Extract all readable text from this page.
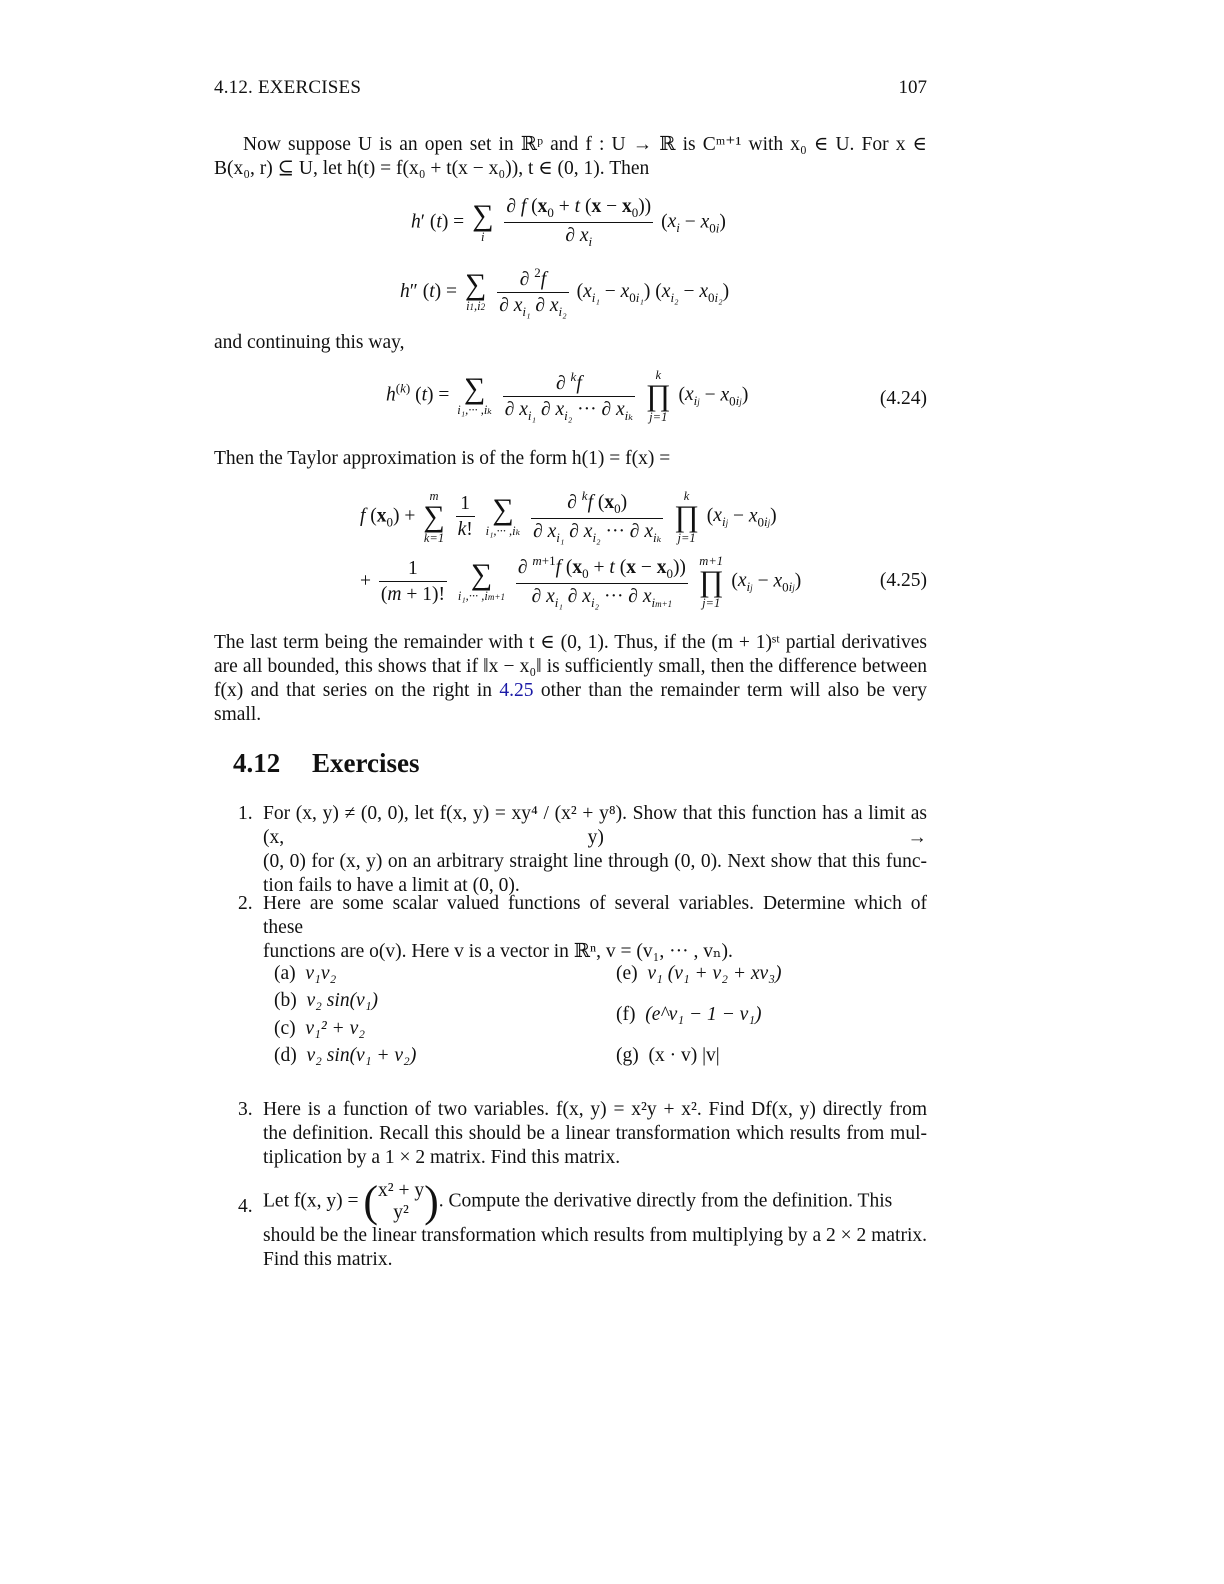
4.12. EXERCISES	107
Now suppose U is an open set in ℝᵖ and f : U → ℝ is Cᵐ⁺¹ with x₀ ∈ U. For x ∈
B(x₀, r) ⊆ U, let h(t) = f(x₀ + t(x − x₀)), t ∈ (0, 1). Then
h′ (t) = ∑
i
	$\frac{\partial f (x_0 + t (x - x_0))}{\partial x_i} (x_i - x_{0i})$
h″ (t) = ∑
i1,i2
$\frac{\partial ^2f}{\partial x_{i_1} \partial x_{i_2}} (x_{i_1} - x_{0i_1}) (x_{i_2} - x_{0i_2})$
and continuing this way,
$h^{(k)}$ (t) = ∑
i₁,··· ,iₖ
$\frac{\partial ^kf}{\partial x_{i_1} \partial x_{i_2} \cdot\cdot\cdot \partial x_{i_k}}$
	k
∏
j=1
$(x_{ij} - x_{0ij})$	(4.24)
Then the Taylor approximation is of the form h(1) = f(x) =
f $(x_0)$ +
m
∑
k=1
$\frac{1}{k!}$
∑
i₁,··· ,iₖ
$\frac{\partial ^kf (x_0)}{\partial x_{i_1} \partial x_{i_2} \cdot\cdot\cdot \partial x_{i_k}}$
	k
∏
j=1
$(x_{ij} - x_{0ij})$
+ $\frac{1}{(m + 1)!}$
∑
i₁,··· ,im+1
$\frac{\partial ^{m+1}f (x_0 + t (x - x_0))}{\partial x_{i_1} \partial x_{i_2} \cdot\cdot\cdot \partial x_{im+1}}$
m+1
∏
j=1
$(x_{ij} - x_{0ij})$	(4.25)
The last term being the remainder with t ∈ (0, 1). Thus, if the (m + 1)ˢᵗ partial derivatives
are all bounded, this shows that if ‖x − x₀‖ is sufficiently small, then the difference between
f(x) and that series on the right in 4.25 other than the remainder term will also be very
small.
4.12 Exercises
1. For (x, y) ≠ (0, 0), let f(x, y) = xy⁴ / (x² + y⁸). Show that this function has a limit as (x, y) →
(0, 0) for (x, y) on an arbitrary straight line through (0, 0). Next show that this func-
tion fails to have a limit at (0, 0).
2. Here are some scalar valued functions of several variables. Determine which of these
functions are o(v). Here v is a vector in ℝⁿ, v = (v₁, ··· , vₙ).
(a) v₁v₂
(b) v₂ sin(v₁)
(c) v₁² + v₂
(d) v₂ sin(v₁ + v₂)
(e) v₁ (v₁ + v₂ + xv₃)
(f) (e^v₁ − 1 − v₁)
(g) (x · v) |v|
3. Here is a function of two variables. f(x, y) = x²y + x². Find Df(x, y) directly from
the definition. Recall this should be a linear transformation which results from mul-
tiplication by a 1 × 2 matrix. Find this matrix.
4. Let f(x, y) = ( x² + y
y² ). Compute the derivative directly from the definition. This
should be the linear transformation which results from multiplying by a 2 × 2 matrix.
Find this matrix.
